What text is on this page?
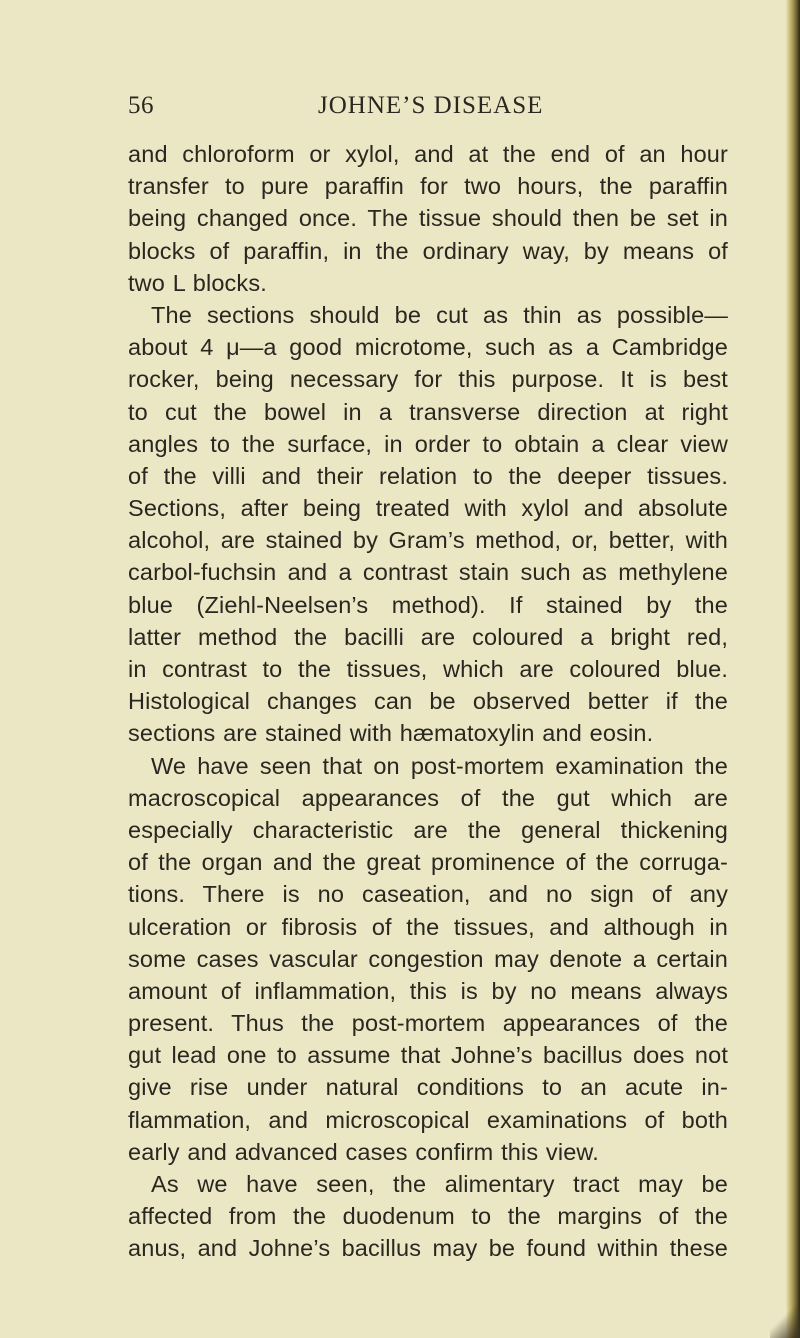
56	JOHNE’S DISEASE
and chloroform or xylol, and at the end of an hour
transfer to pure paraffin for two hours, the paraffin
being changed once. The tissue should then be set in
blocks of paraffin, in the ordinary way, by means of
two L blocks.
The sections should be cut as thin as possible—
about 4 μ—a good microtome, such as a Cambridge
rocker, being necessary for this purpose. It is best
to cut the bowel in a transverse direction at right
angles to the surface, in order to obtain a clear view
of the villi and their relation to the deeper tissues.
Sections, after being treated with xylol and absolute
alcohol, are stained by Gram’s method, or, better, with
carbol-fuchsin and a contrast stain such as methylene
blue (Ziehl-Neelsen’s method). If stained by the
latter method the bacilli are coloured a bright red,
in contrast to the tissues, which are coloured blue.
Histological changes can be observed better if the
sections are stained with hæmatoxylin and eosin.
We have seen that on post-mortem examination the
macroscopical appearances of the gut which are
especially characteristic are the general thickening
of the organ and the great prominence of the corruga-
tions. There is no caseation, and no sign of any
ulceration or fibrosis of the tissues, and although in
some cases vascular congestion may denote a certain
amount of inflammation, this is by no means always
present. Thus the post-mortem appearances of the
gut lead one to assume that Johne’s bacillus does not
give rise under natural conditions to an acute in-
flammation, and microscopical examinations of both
early and advanced cases confirm this view.
As we have seen, the alimentary tract may be
affected from the duodenum to the margins of the
anus, and Johne’s bacillus may be found within these
